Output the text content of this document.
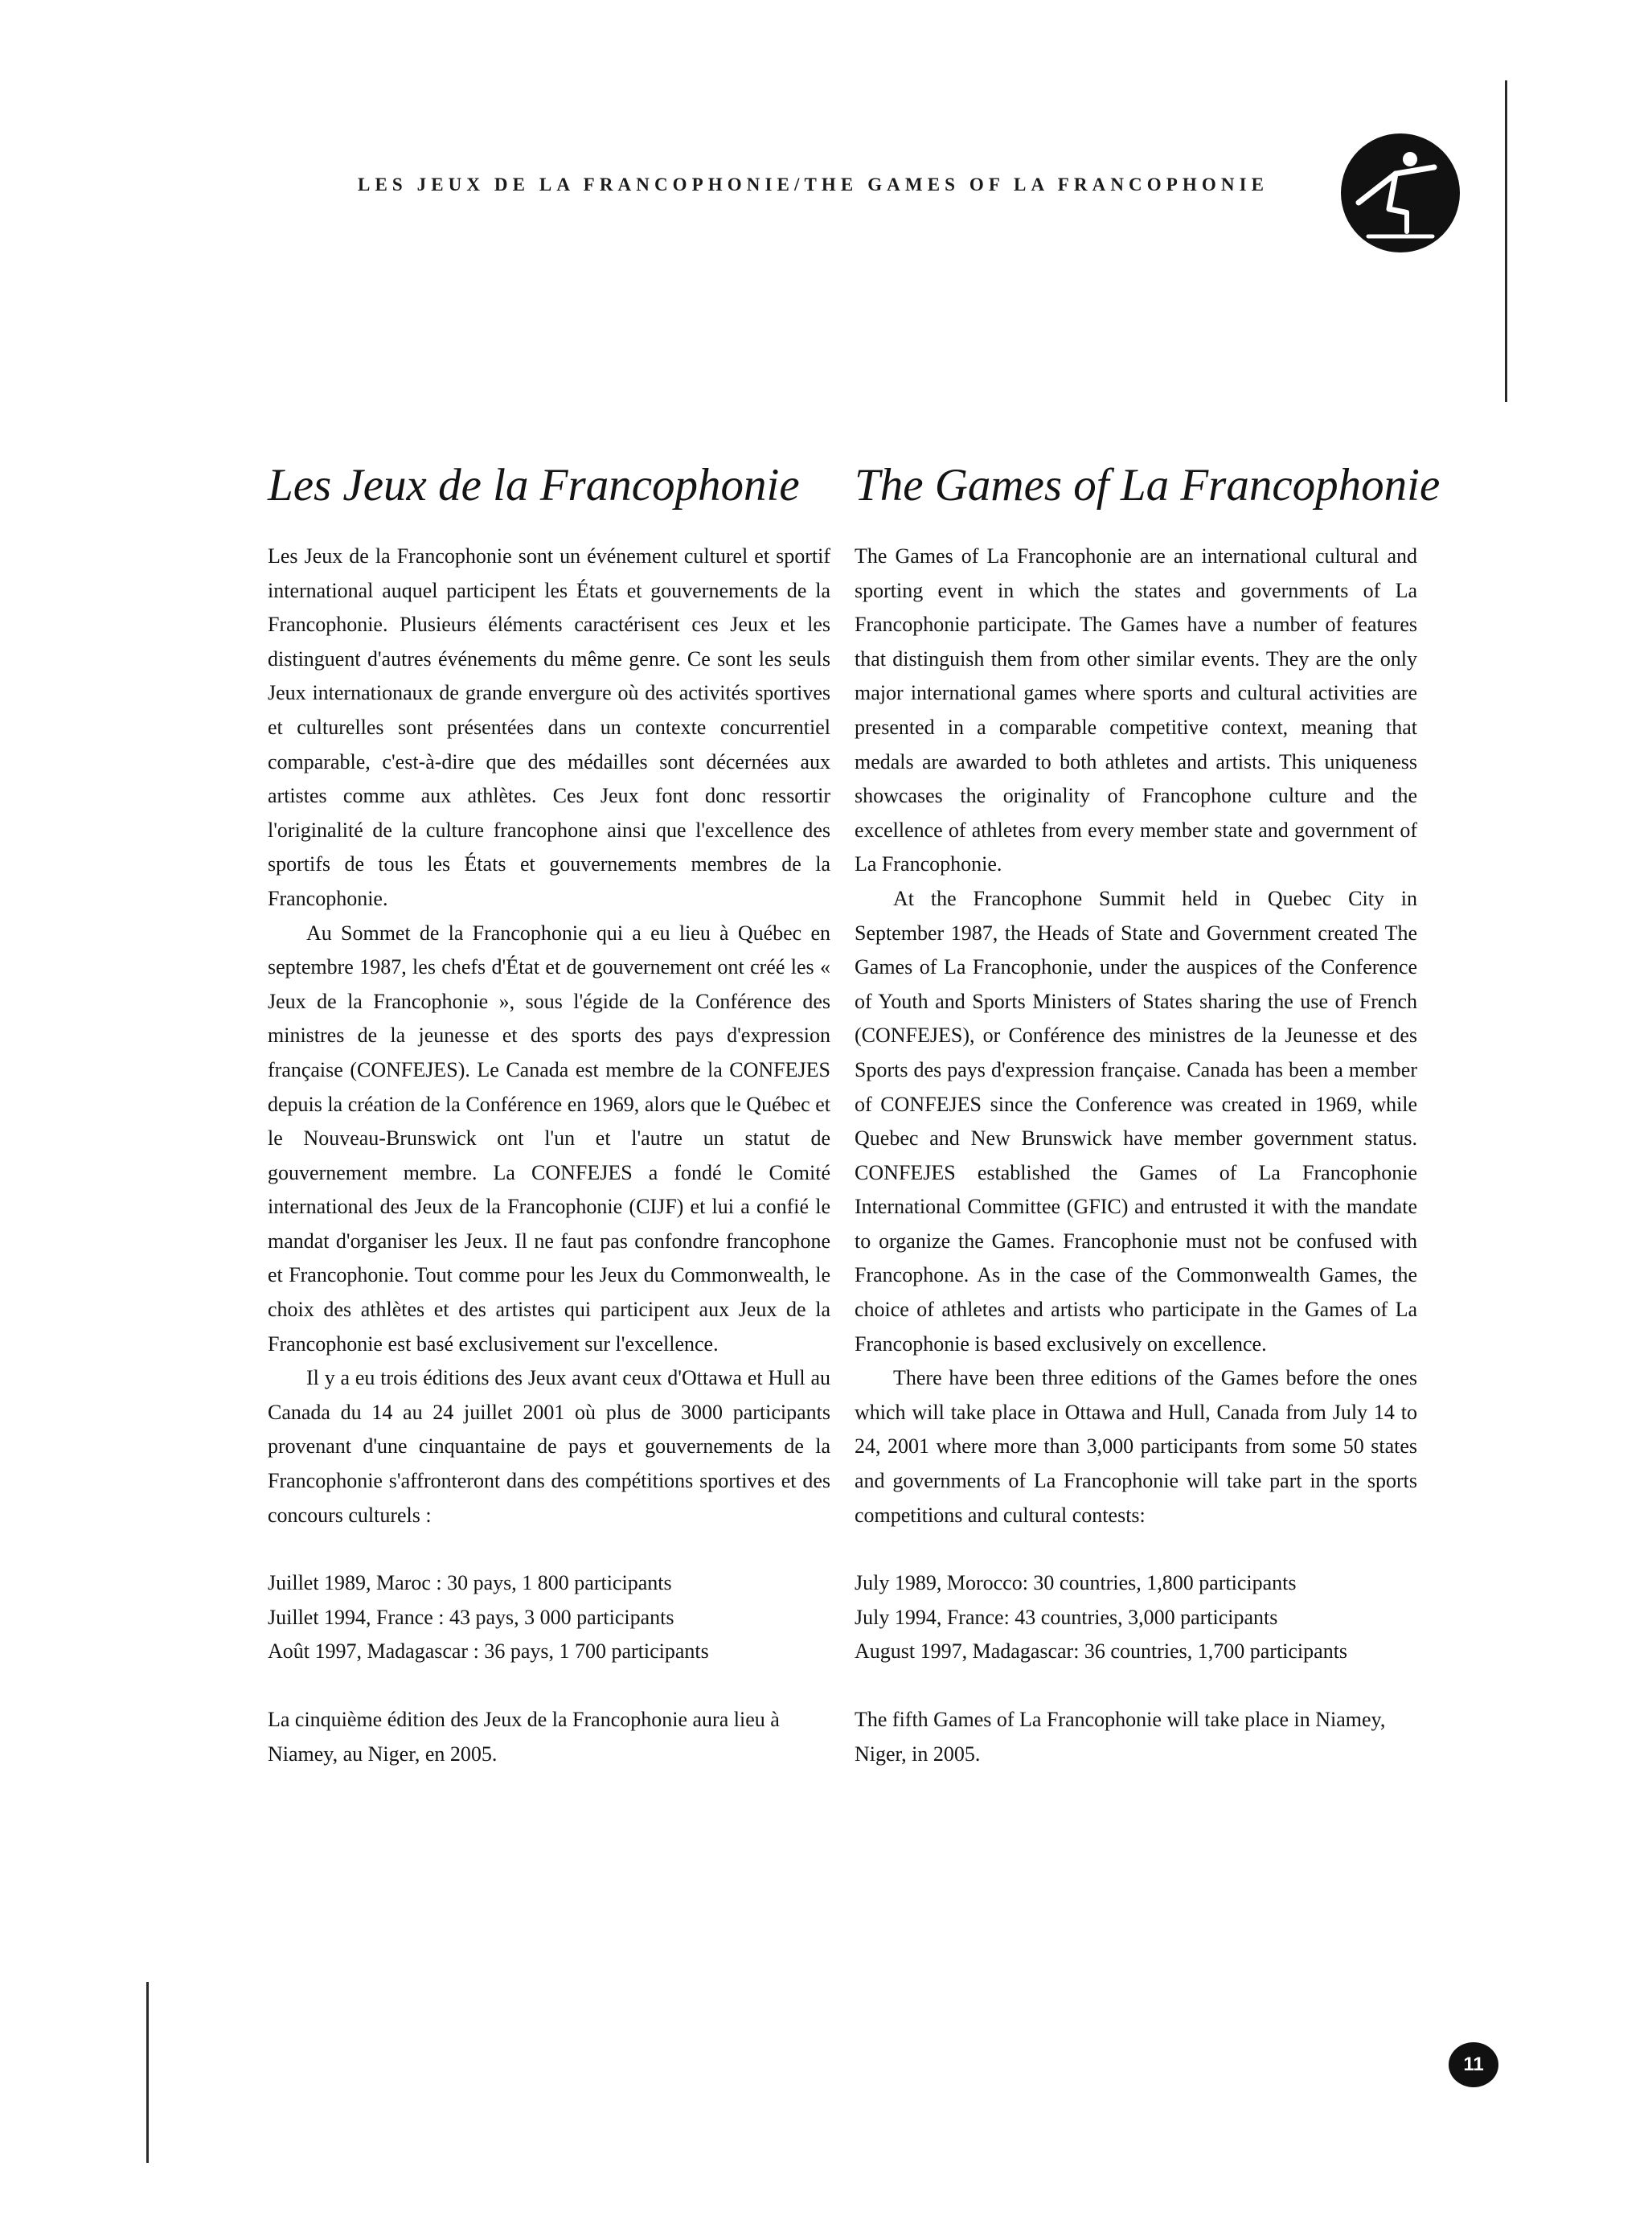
LES JEUX DE LA FRANCOPHONIE/THE GAMES OF LA FRANCOPHONIE
Les Jeux de la Francophonie

Les Jeux de la Francophonie sont un événement culturel et sportif international auquel participent les États et gouvernements de la Francophonie. Plusieurs éléments caractérisent ces Jeux et les distinguent d'autres événements du même genre. Ce sont les seuls Jeux internationaux de grande envergure où des activités sportives et culturelles sont présentées dans un contexte concurrentiel comparable, c'est-à-dire que des médailles sont décernées aux artistes comme aux athlètes. Ces Jeux font donc ressortir l'originalité de la culture francophone ainsi que l'excellence des sportifs de tous les États et gouvernements membres de la Francophonie.

Au Sommet de la Francophonie qui a eu lieu à Québec en septembre 1987, les chefs d'État et de gouvernement ont créé les « Jeux de la Francophonie », sous l'égide de la Conférence des ministres de la jeunesse et des sports des pays d'expression française (CONFEJES). Le Canada est membre de la CONFEJES depuis la création de la Conférence en 1969, alors que le Québec et le Nouveau-Brunswick ont l'un et l'autre un statut de gouvernement membre. La CONFEJES a fondé le Comité international des Jeux de la Francophonie (CIJF) et lui a confié le mandat d'organiser les Jeux. Il ne faut pas confondre francophone et Francophonie. Tout comme pour les Jeux du Commonwealth, le choix des athlètes et des artistes qui participent aux Jeux de la Francophonie est basé exclusivement sur l'excellence.

Il y a eu trois éditions des Jeux avant ceux d'Ottawa et Hull au Canada du 14 au 24 juillet 2001 où plus de 3000 participants provenant d'une cinquantaine de pays et gouvernements de la Francophonie s'affronteront dans des compétitions sportives et des concours culturels :

Juillet 1989, Maroc : 30 pays, 1 800 participants
Juillet 1994, France : 43 pays, 3 000 participants
Août 1997, Madagascar : 36 pays, 1 700 participants

La cinquième édition des Jeux de la Francophonie aura lieu à Niamey, au Niger, en 2005.

The Games of La Francophonie

The Games of La Francophonie are an international cultural and sporting event in which the states and governments of La Francophonie participate. The Games have a number of features that distinguish them from other similar events. They are the only major international games where sports and cultural activities are presented in a comparable competitive context, meaning that medals are awarded to both athletes and artists. This uniqueness showcases the originality of Francophone culture and the excellence of athletes from every member state and government of La Francophonie.

At the Francophone Summit held in Quebec City in September 1987, the Heads of State and Government created The Games of La Francophonie, under the auspices of the Conference of Youth and Sports Ministers of States sharing the use of French (CONFEJES), or Conférence des ministres de la Jeunesse et des Sports des pays d'expression française. Canada has been a member of CONFEJES since the Conference was created in 1969, while Quebec and New Brunswick have member government status. CONFEJES established the Games of La Francophonie International Committee (GFIC) and entrusted it with the mandate to organize the Games. Francophonie must not be confused with Francophone. As in the case of the Commonwealth Games, the choice of athletes and artists who participate in the Games of La Francophonie is based exclusively on excellence.

There have been three editions of the Games before the ones which will take place in Ottawa and Hull, Canada from July 14 to 24, 2001 where more than 3,000 participants from some 50 states and governments of La Francophonie will take part in the sports competitions and cultural contests:

July 1989, Morocco: 30 countries, 1,800 participants
July 1994, France: 43 countries, 3,000 participants
August 1997, Madagascar: 36 countries, 1,700 participants

The fifth Games of La Francophonie will take place in Niamey, Niger, in 2005.

11
